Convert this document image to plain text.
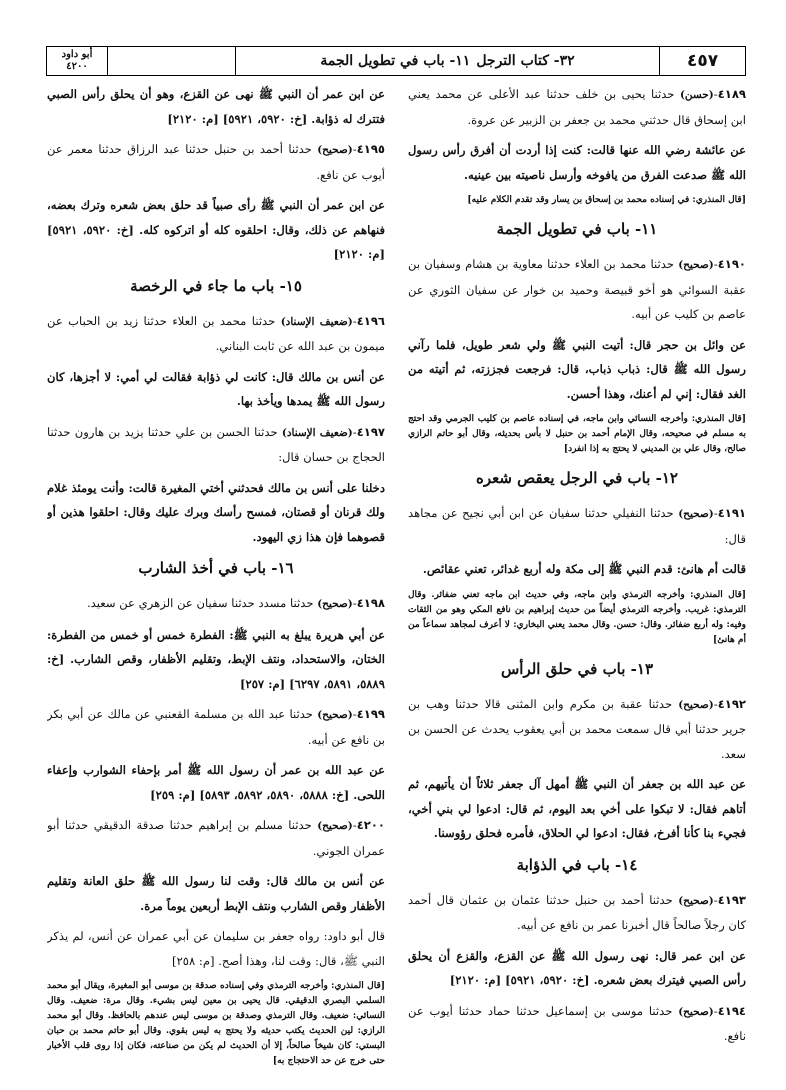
٤٥٧
٣٢- كتاب الترجل
١١- باب في تطويل الجمة
أبو داود
٤٢٠٠
٤١٨٩-(حسن) حدثنا يحيى بن خلف حدثنا عبد الأعلى عن محمد يعني ابن إسحاق قال حدثني محمد بن جعفر بن الزبير عن عروة.
عن عائشة رضي الله عنها قالت: كنت إذا أردت أن أفرق رأس رسول الله ﷺ صدعت الفرق من يافوخه وأرسل ناصيته بين عينيه.
[قال المنذري: في إسناده محمد بن إسحاق بن يسار وقد تقدم الكلام عليه]
١١- باب في تطويل الجمة
٤١٩٠-(صحيح) حدثنا محمد بن العلاء حدثنا معاوية بن هشام وسفيان بن عقبة السوائي هو أخو قبيصة وحميد بن خوار عن سفيان الثوري عن عاصم بن كليب عن أبيه.
عن وائل بن حجر قال: أتيت النبي ﷺ ولي شعر طويل، فلما رآني رسول الله ﷺ قال: ذباب ذباب، قال: فرجعت فجززته، ثم أتيته من الغد فقال: إني لم أعنك، وهذا أحسن.
[قال المنذري: وأخرجه النسائي وابن ماجه، في إسناده عاصم بن كليب الجرمي وقد احتج به مسلم في صحيحه، وقال الإمام أحمد بن حنبل لا بأس بحديثه، وقال أبو حاتم الرازي صالح، وقال علي بن المديني لا يحتج به إذا انفرد]
١٢- باب في الرجل يعقص شعره
٤١٩١-(صحيح) حدثنا النفيلي حدثنا سفيان عن ابن أبي نجيح عن مجاهد قال:
قالت أم هانئ: قدم النبي ﷺ إلى مكة وله أربع غدائر، تعني عقائص.
[قال المنذري: وأخرجه الترمذي وابن ماجه، وفي حديث ابن ماجه تعني ضفائر. وقال الترمذي: غريب. وأخرجه الترمذي أيضاً من حديث إبراهيم بن نافع المكي وهو من الثقات وفيه: وله أربع ضفائر. وقال: حسن. وقال محمد يعني البخاري: لا أعرف لمجاهد سماعاً من أم هانئ]
١٣- باب في حلق الرأس
٤١٩٢-(صحيح) حدثنا عقبة بن مكرم وابن المثنى قالا حدثنا وهب بن جرير حدثنا أبي قال سمعت محمد بن أبي يعقوب يحدث عن الحسن بن سعد.
عن عبد الله بن جعفر أن النبي ﷺ أمهل آل جعفر ثلاثاً أن يأتيهم، ثم أتاهم فقال: لا تبكوا على أخي بعد اليوم، ثم قال: ادعوا لي بني أخي، فجيء بنا كأنا أفرخ، فقال: ادعوا لي الحلاق، فأمره فحلق رؤوسنا.
١٤- باب في الذؤابة
٤١٩٣-(صحيح) حدثنا أحمد بن حنبل حدثنا عثمان بن عثمان قال أحمد كان رجلاً صالحاً قال أخبرنا عمر بن نافع عن أبيه.
عن ابن عمر قال: نهى رسول الله ﷺ عن القزع، والقزع أن يحلق رأس الصبي فيترك بعض شعره. [خ: ٥٩٢٠، ٥٩٢١] [م: ٢١٢٠]
٤١٩٤-(صحيح) حدثنا موسى بن إسماعيل حدثنا حماد حدثنا أيوب عن نافع.
عن ابن عمر أن النبي ﷺ نهى عن القزع، وهو أن يحلق رأس الصبي فتترك له ذؤابة. [خ: ٥٩٢٠، ٥٩٢١] [م: ٢١٢٠]
٤١٩٥-(صحيح) حدثنا أحمد بن حنبل حدثنا عبد الرزاق حدثنا معمر عن أيوب عن نافع.
عن ابن عمر أن النبي ﷺ رأى صبياً قد حلق بعض شعره وترك بعضه، فنهاهم عن ذلك، وقال: احلقوه كله أو اتركوه كله. [خ: ٥٩٢٠، ٥٩٢١] [م: ٢١٢٠]
١٥- باب ما جاء في الرخصة
٤١٩٦-(ضعيف الإسناد) حدثنا محمد بن العلاء حدثنا زيد بن الحباب عن ميمون بن عبد الله عن ثابت البناني.
عن أنس بن مالك قال: كانت لي ذؤابة فقالت لي أمي: لا أجزها، كان رسول الله ﷺ يمدها ويأخذ بها.
٤١٩٧-(ضعيف الإسناد) حدثنا الحسن بن علي حدثنا يزيد بن هارون حدثنا الحجاج بن حسان قال:
دخلنا على أنس بن مالك فحدثني أختي المغيرة قالت: وأنت يومئذ غلام ولك قرنان أو قصتان، فمسح رأسك وبرك عليك وقال: احلقوا هذين أو قصوهما فإن هذا زي اليهود.
١٦- باب في أخذ الشارب
٤١٩٨-(صحيح) حدثنا مسدد حدثنا سفيان عن الزهري عن سعيد.
عن أبي هريرة يبلغ به النبي ﷺ: الفطرة خمس أو خمس من الفطرة: الختان، والاستحداد، ونتف الإبط، وتقليم الأظفار، وقص الشارب. [خ: ٥٨٨٩، ٥٨٩١، ٦٢٩٧] [م: ٢٥٧]
٤١٩٩-(صحيح) حدثنا عبد الله بن مسلمة القعنبي عن مالك عن أبي بكر بن نافع عن أبيه.
عن عبد الله بن عمر أن رسول الله ﷺ أمر بإحفاء الشوارب وإعفاء اللحى. [خ: ٥٨٨٨، ٥٨٩٠، ٥٨٩٢، ٥٨٩٣] [م: ٢٥٩]
٤٢٠٠-(صحيح) حدثنا مسلم بن إبراهيم حدثنا صدقة الدقيقي حدثنا أبو عمران الجوني.
عن أنس بن مالك قال: وقت لنا رسول الله ﷺ حلق العانة وتقليم الأظفار وقص الشارب ونتف الإبط أربعين يوماً مرة.
قال أبو داود: رواه جعفر بن سليمان عن أبي عمران عن أنس، لم يذكر النبي ﷺ، قال: وقت لنا، وهذا أصح. [م: ٢٥٨]
[قال المنذري: وأخرجه الترمذي وفي إسناده صدقة بن موسى أبو المغيرة، ويقال أبو محمد السلمي البصري الدقيقي. قال يحيى بن معين ليس بشيء. وقال مرة: ضعيف. وقال النسائي: ضعيف. وقال الترمذي وصدقة بن موسى ليس عندهم بالحافظ. وقال أبو محمد الرازي: لين الحديث يكتب حديثه ولا يحتج به ليس بقوي. وقال أبو حاتم محمد بن حبان البستي: كان شيخاً صالحاً، إلا أن الحديث لم يكن من صناعته، فكان إذا روى قلب الأخبار حتى خرج عن حد الاحتجاج به]
